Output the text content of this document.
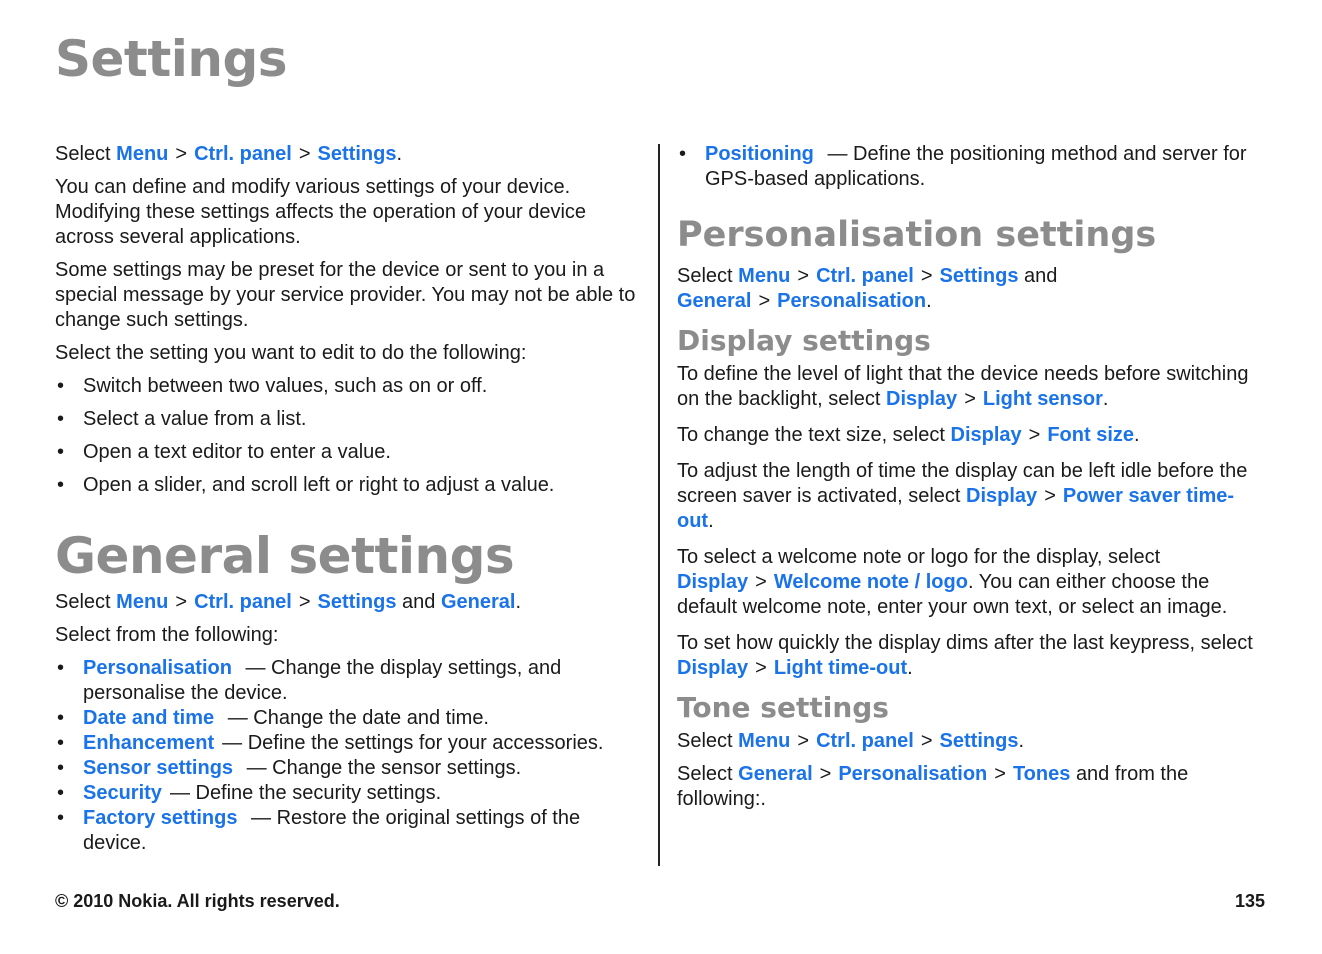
Settings

Select Menu > Ctrl. panel > Settings.

You can define and modify various settings of your device. Modifying these settings affects the operation of your device across several applications.

Some settings may be preset for the device or sent to you in a special message by your service provider. You may not be able to change such settings.

Select the setting you want to edit to do the following:

• Switch between two values, such as on or off.
• Select a value from a list.
• Open a text editor to enter a value.
• Open a slider, and scroll left or right to adjust a value.
General settings

Select Menu > Ctrl. panel > Settings and General.

Select from the following:

• Personalisation — Change the display settings, and personalise the device.
• Date and time — Change the date and time.
• Enhancement — Define the settings for your accessories.
• Sensor settings — Change the sensor settings.
• Security — Define the security settings.
• Factory settings — Restore the original settings of the device.
• Positioning — Define the positioning method and server for GPS-based applications.
Personalisation settings

Select Menu > Ctrl. panel > Settings and General > Personalisation.

Display settings

To define the level of light that the device needs before switching on the backlight, select Display > Light sensor.

To change the text size, select Display > Font size.

To adjust the length of time the display can be left idle before the screen saver is activated, select Display > Power saver time-out.

To select a welcome note or logo for the display, select Display > Welcome note / logo. You can either choose the default welcome note, enter your own text, or select an image.

To set how quickly the display dims after the last keypress, select Display > Light time-out.

Tone settings

Select Menu > Ctrl. panel > Settings.

Select General > Personalisation > Tones and from the following:.

© 2010 Nokia. All rights reserved.	135
